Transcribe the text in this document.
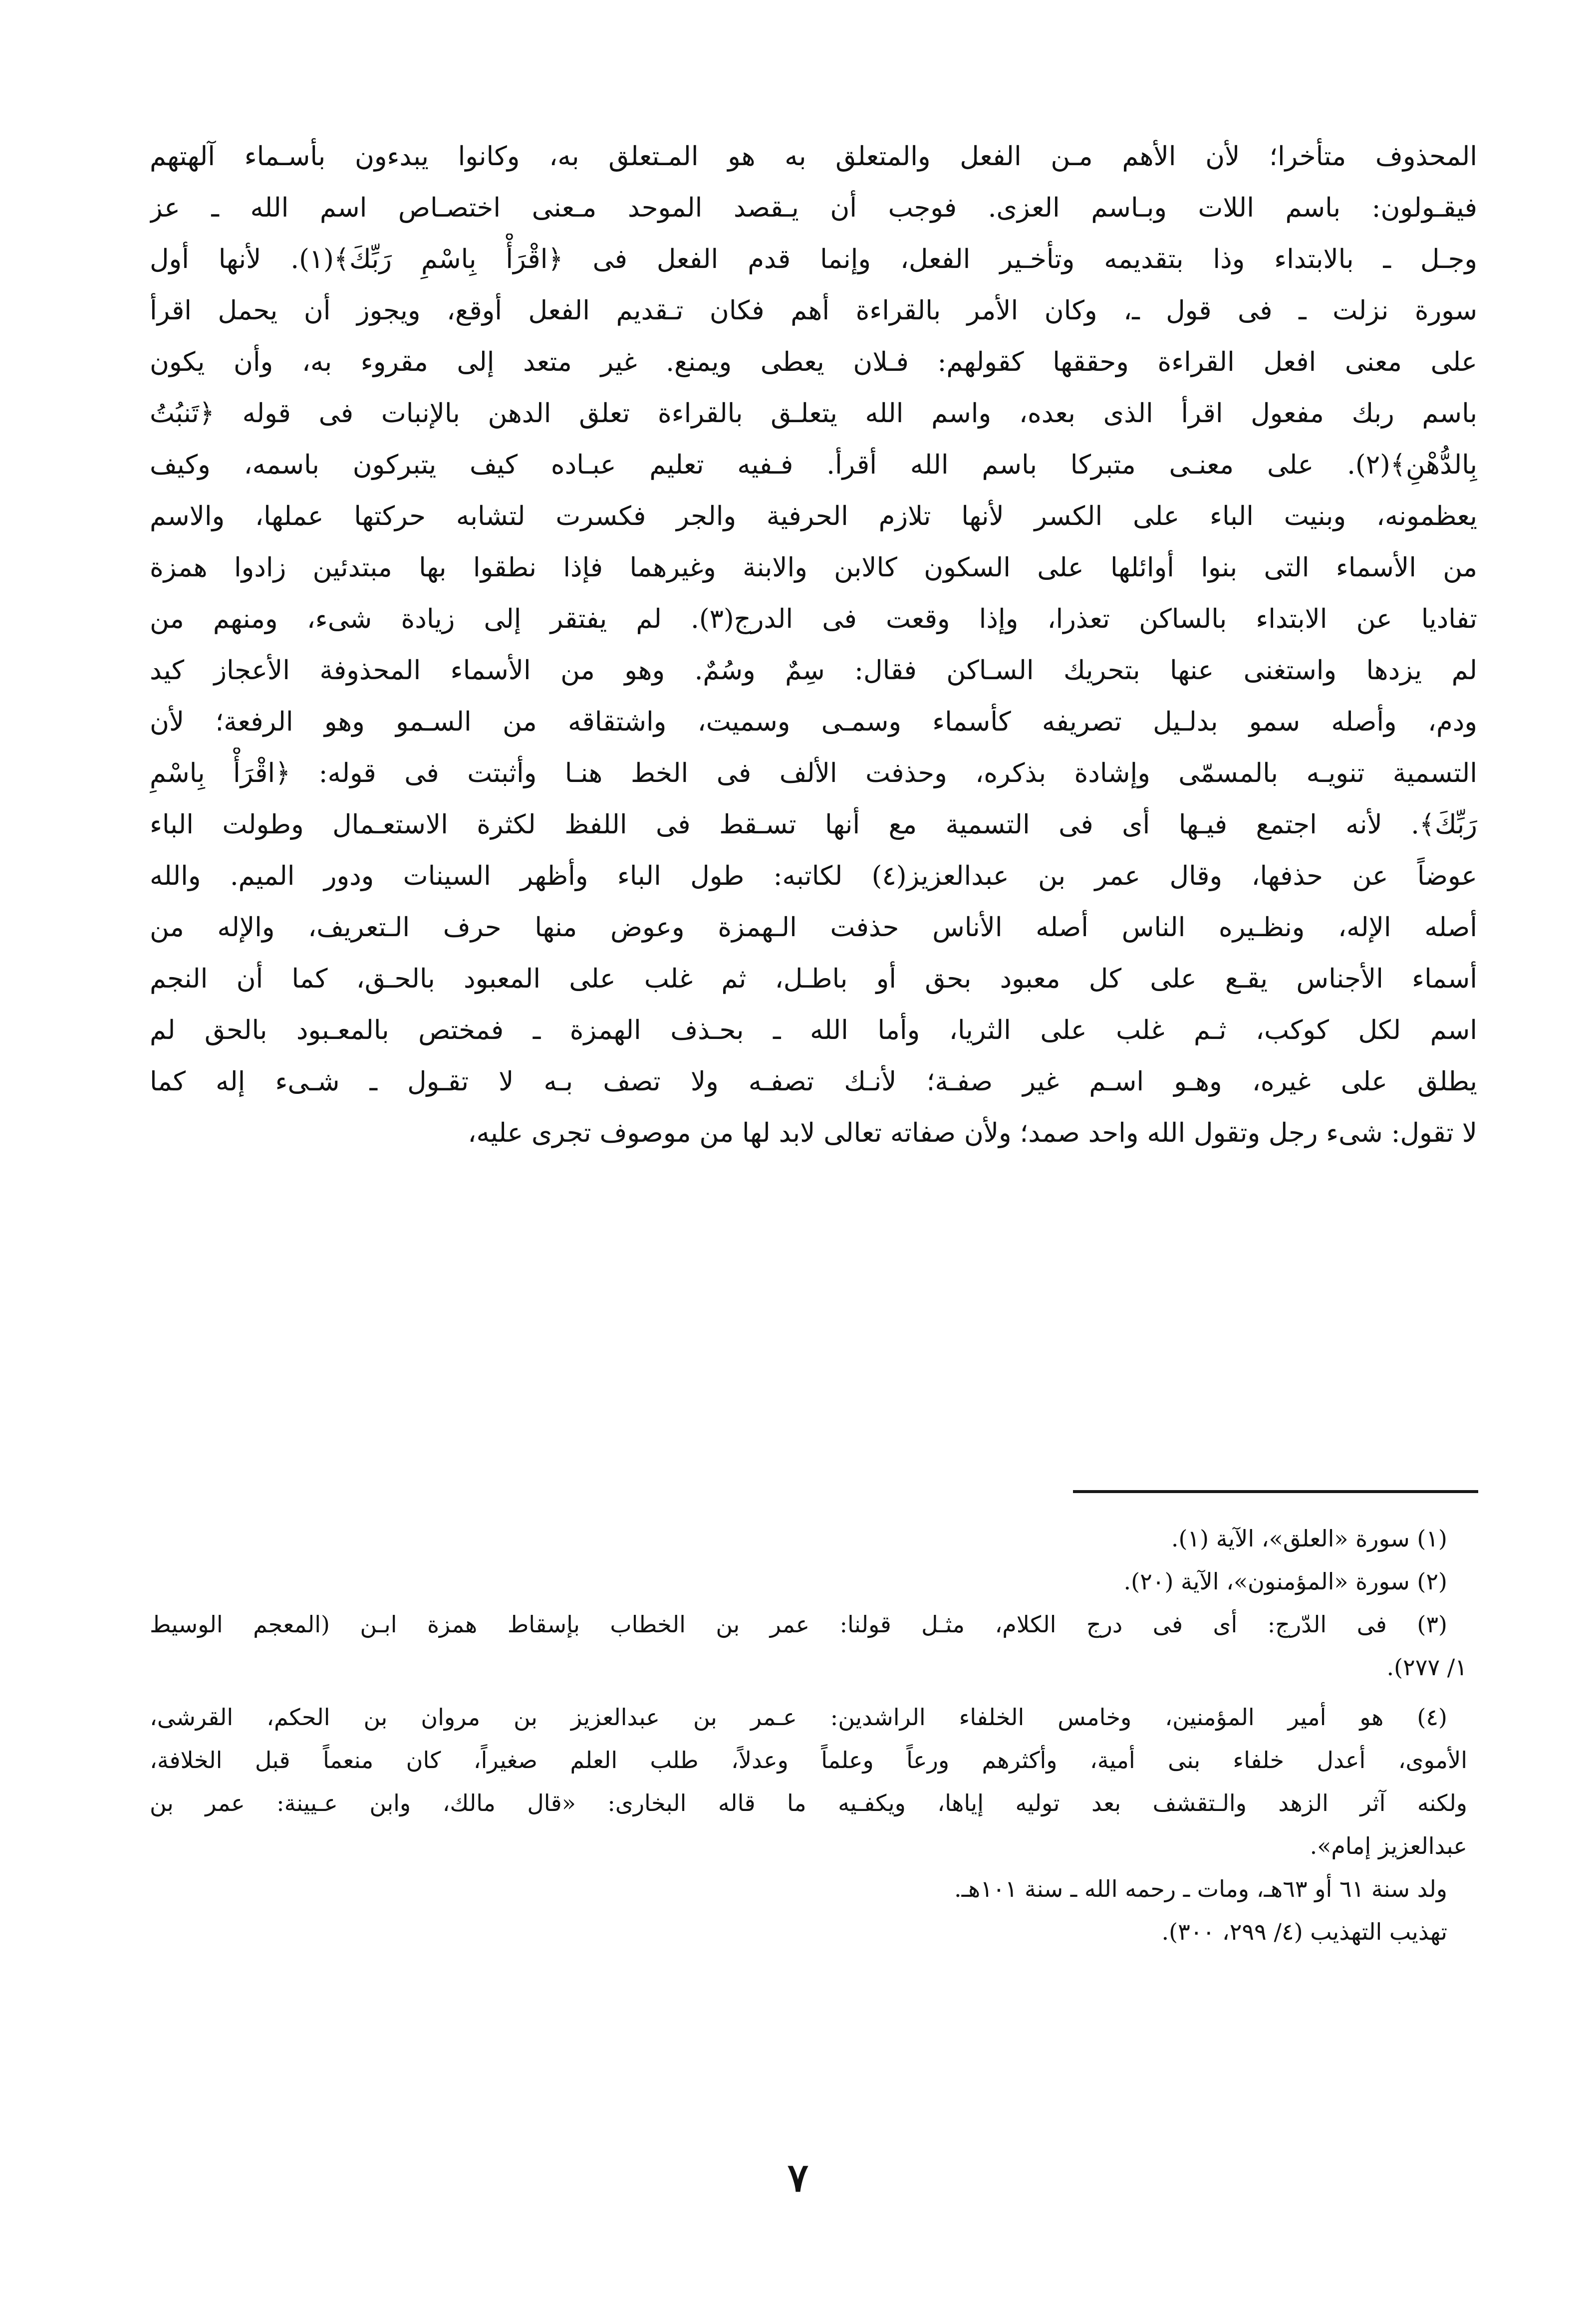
المحذوف متأخرا؛ لأن الأهم مـن الفعل والمتعلق به هو المـتعلق به، وكانوا يبدءون بأسـماء آلهتهم
فيقـولون: باسم اللات وبـاسم العزى. فوجب أن يـقصد الموحد مـعنى اختصـاص اسم الله ـ عز
وجـل ـ بالابتداء وذا بتقديمه وتأخـير الفعل، وإنما قدم الفعل فى ﴿اقْرَأْ بِاسْمِ رَبِّكَ﴾(١). لأنها أول
سورة نزلت ـ فى قول ـ، وكان الأمر بالقراءة أهم فكان تـقديم الفعل أوقع، ويجوز أن يحمل اقرأ
على معنى افعل القراءة وحققها كقولهم: فـلان يعطى ويمنع. غير متعد إلى مقروء به، وأن يكون
باسم ربك مفعول اقرأ الذى بعده، واسم الله يتعلـق بالقراءة تعلق الدهن بالإنبات فى قوله ﴿تَنبُتُ
بِالدُّهْنِ﴾(٢). على معنـى متبركا باسم الله أقرأ. فـفيه تعليم عبـاده كيف يتبركون باسمه، وكيف
يعظمونه، وبنيت الباء على الكسر لأنها تلازم الحرفية والجر فكسرت لتشابه حركتها عملها، والاسم
من الأسماء التى بنوا أوائلها على السكون كالابن والابنة وغيرهما فإذا نطقوا بها مبتدئين زادوا همزة
تفاديا عن الابتداء بالساكن تعذرا، وإذا وقعت فى الدرج(٣). لم يفتقر إلى زيادة شىء، ومنهم من
لم يزدها واستغنى عنها بتحريك السـاكن فقال: سِمٌ وسُمٌ. وهو من الأسماء المحذوفة الأعجاز كيد
ودم، وأصله سمو بدلـيل تصريفه كأسماء وسمـى وسميت، واشتقاقه من السـمو وهو الرفعة؛ لأن
التسمية تنويـه بالمسمّى وإشادة بذكره، وحذفت الألف فى الخط هنـا وأثبتت فى قوله: ﴿اقْرَأْ بِاسْمِ
رَبِّكَ﴾. لأنه اجتمع فيـها أى فى التسمية مع أنها تسـقط فى اللفظ لكثرة الاستعـمال وطولت الباء
عوضاً عن حذفها، وقال عمر بن عبدالعزيز(٤) لكاتبه: طول الباء وأظهر السينات ودور الميم. والله
أصله الإله، ونظـيره الناس أصله الأناس حذفت الـهمزة وعوض منها حرف الـتعريف، والإله من
أسماء الأجناس يقـع على كل معبود بحق أو باطـل، ثم غلب على المعبود بالحـق، كما أن النجم
اسم لكل كوكب، ثـم غلب على الثريا، وأما الله ـ بحـذف الهمزة ـ فمختص بالمعـبود بالحق لم
يطلق على غيره، وهـو اسـم غير صفـة؛ لأنـك تصفـه ولا تصف بـه لا تقـول ـ شـىء إله كما
لا تقول: شىء رجل وتقول الله واحد صمد؛ ولأن صفاته تعالى لابد لها من موصوف تجرى عليه،
(١) سورة «العلق»، الآية (١).
(٢) سورة «المؤمنون»، الآية (٢٠).
(٣) فى الدّرج: أى فى درج الكلام، مثـل قولنا: عمر بن الخطاب بإسقاط همزة ابـن (المعجم الوسيط
١/ ٢٧٧).
(٤) هو أمير المؤمنين، وخامس الخلفاء الراشدين: عـمر بن عبدالعزيز بن مروان بن الحكم، القرشى،
الأموى، أعدل خلفاء بنى أمية، وأكثرهم ورعاً وعلماً وعدلاً، طلب العلم صغيراً، كان منعماً قبل الخلافة،
ولكنه آثر الزهد والـتقشف بعد توليه إياها، ويكفـيه ما قاله البخارى: «قال مالك، وابن عـيينة: عمر بن
عبدالعزيز إمام».
ولد سنة ٦١ أو ٦٣هـ، ومات ـ رحمه الله ـ سنة ١٠١هـ.
تهذيب التهذيب (٤/ ٢٩٩، ٣٠٠).
٧
